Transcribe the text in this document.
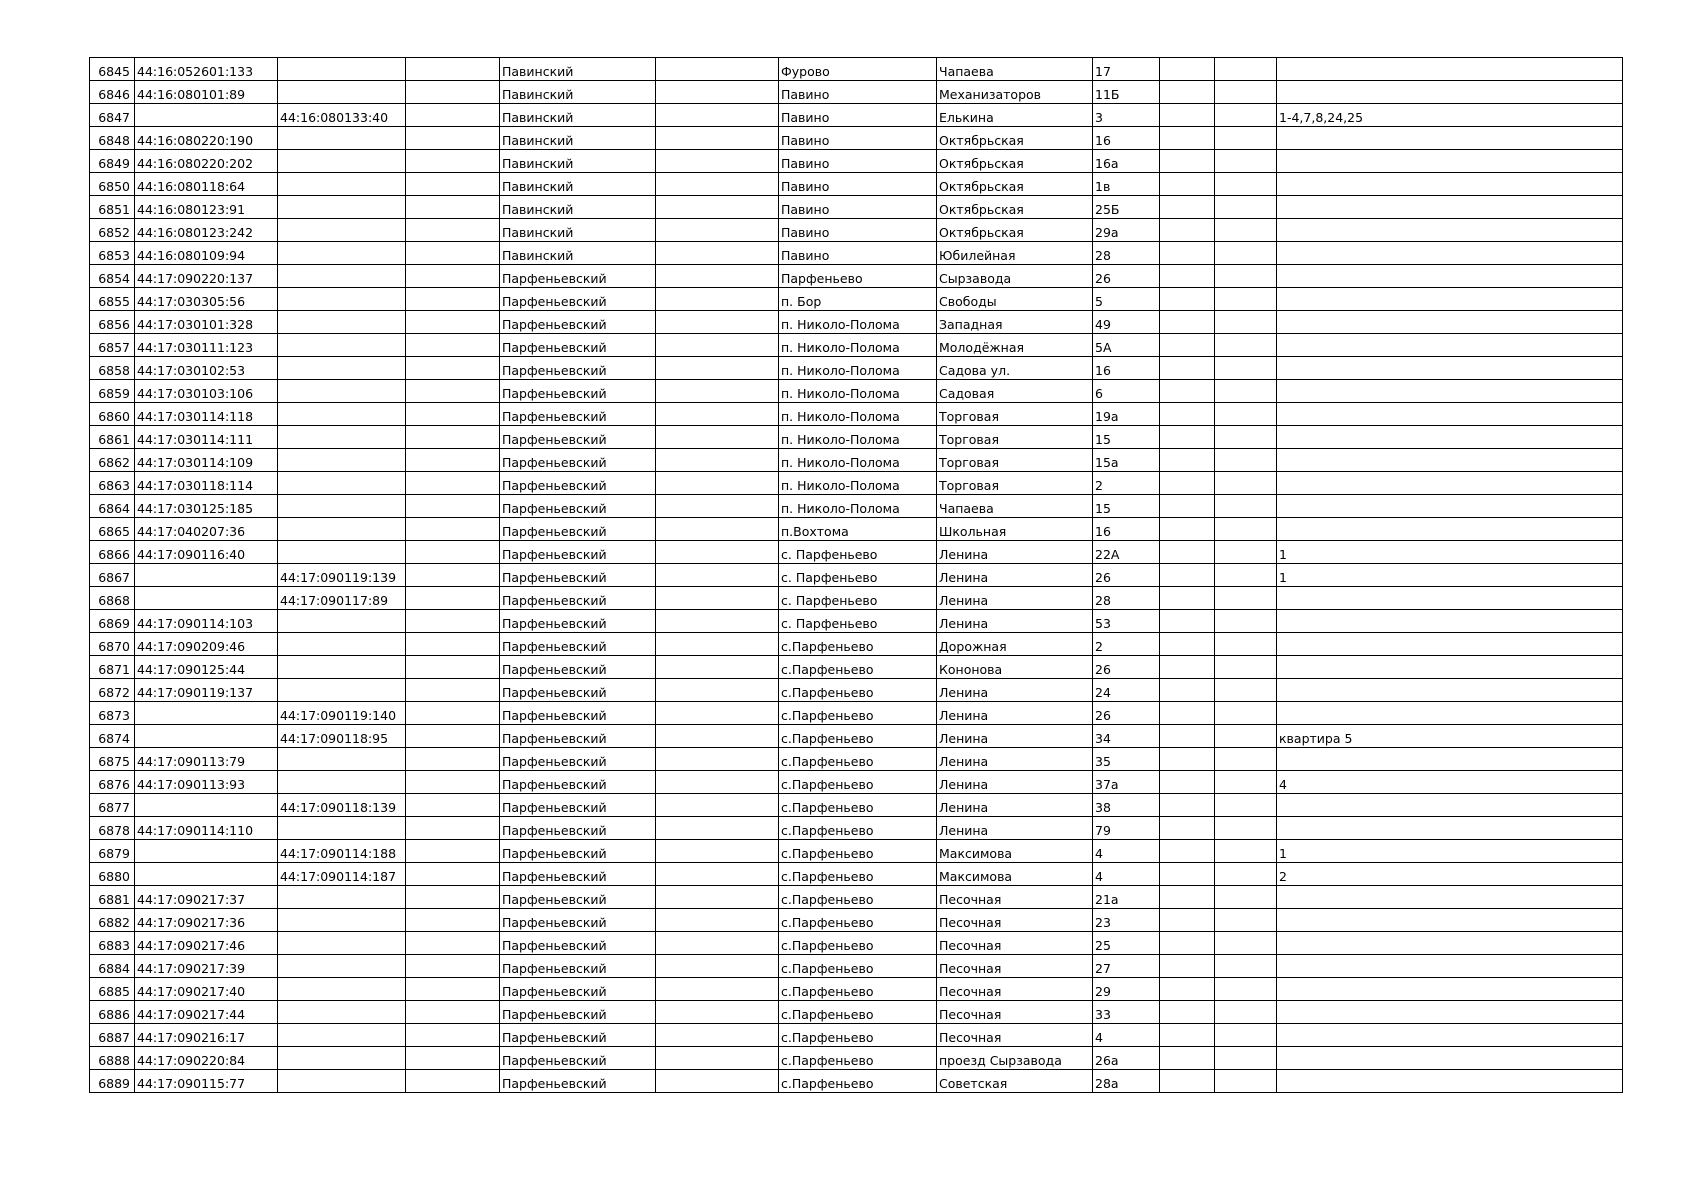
6845	44:16:052601:133			Павинский		Фурово	Чапаева	17			
6846	44:16:080101:89			Павинский		Павино	Механизаторов	11Б			
6847		44:16:080133:40		Павинский		Павино	Елькина	3			1-4,7,8,24,25
6848	44:16:080220:190			Павинский		Павино	Октябрьская	16			
6849	44:16:080220:202			Павинский		Павино	Октябрьская	16а			
6850	44:16:080118:64			Павинский		Павино	Октябрьская	1в			
6851	44:16:080123:91			Павинский		Павино	Октябрьская	25Б			
6852	44:16:080123:242			Павинский		Павино	Октябрьская	29а			
6853	44:16:080109:94			Павинский		Павино	Юбилейная	28			
6854	44:17:090220:137			Парфеньевский		Парфеньево	Сырзавода	26			
6855	44:17:030305:56			Парфеньевский		п. Бор	Свободы	5			
6856	44:17:030101:328			Парфеньевский		п. Николо-Полома	Западная	49			
6857	44:17:030111:123			Парфеньевский		п. Николо-Полома	Молодёжная	5А			
6858	44:17:030102:53			Парфеньевский		п. Николо-Полома	Садова ул.	16			
6859	44:17:030103:106			Парфеньевский		п. Николо-Полома	Садовая	6			
6860	44:17:030114:118			Парфеньевский		п. Николо-Полома	Торговая	19а			
6861	44:17:030114:111			Парфеньевский		п. Николо-Полома	Торговая	15			
6862	44:17:030114:109			Парфеньевский		п. Николо-Полома	Торговая	15а			
6863	44:17:030118:114			Парфеньевский		п. Николо-Полома	Торговая	2			
6864	44:17:030125:185			Парфеньевский		п. Николо-Полома	Чапаева	15			
6865	44:17:040207:36			Парфеньевский		п.Вохтома	Школьная	16			
6866	44:17:090116:40			Парфеньевский		с. Парфеньево	Ленина	22А			1
6867		44:17:090119:139		Парфеньевский		с. Парфеньево	Ленина	26			1
6868		44:17:090117:89		Парфеньевский		с. Парфеньево	Ленина	28			
6869	44:17:090114:103			Парфеньевский		с. Парфеньево	Ленина	53			
6870	44:17:090209:46			Парфеньевский		с.Парфеньево	Дорожная	2			
6871	44:17:090125:44			Парфеньевский		с.Парфеньево	Кононова	26			
6872	44:17:090119:137			Парфеньевский		с.Парфеньево	Ленина	24			
6873		44:17:090119:140		Парфеньевский		с.Парфеньево	Ленина	26			
6874		44:17:090118:95		Парфеньевский		с.Парфеньево	Ленина	34			квартира 5
6875	44:17:090113:79			Парфеньевский		с.Парфеньево	Ленина	35			
6876	44:17:090113:93			Парфеньевский		с.Парфеньево	Ленина	37а			4
6877		44:17:090118:139		Парфеньевский		с.Парфеньево	Ленина	38			
6878	44:17:090114:110			Парфеньевский		с.Парфеньево	Ленина	79			
6879		44:17:090114:188		Парфеньевский		с.Парфеньево	Максимова	4			1
6880		44:17:090114:187		Парфеньевский		с.Парфеньево	Максимова	4			2
6881	44:17:090217:37			Парфеньевский		с.Парфеньево	Песочная	21а			
6882	44:17:090217:36			Парфеньевский		с.Парфеньево	Песочная	23			
6883	44:17:090217:46			Парфеньевский		с.Парфеньево	Песочная	25			
6884	44:17:090217:39			Парфеньевский		с.Парфеньево	Песочная	27			
6885	44:17:090217:40			Парфеньевский		с.Парфеньево	Песочная	29			
6886	44:17:090217:44			Парфеньевский		с.Парфеньево	Песочная	33			
6887	44:17:090216:17			Парфеньевский		с.Парфеньево	Песочная	4			
6888	44:17:090220:84			Парфеньевский		с.Парфеньево	проезд Сырзавода	26а			
6889	44:17:090115:77			Парфеньевский		с.Парфеньево	Советская	28а			
